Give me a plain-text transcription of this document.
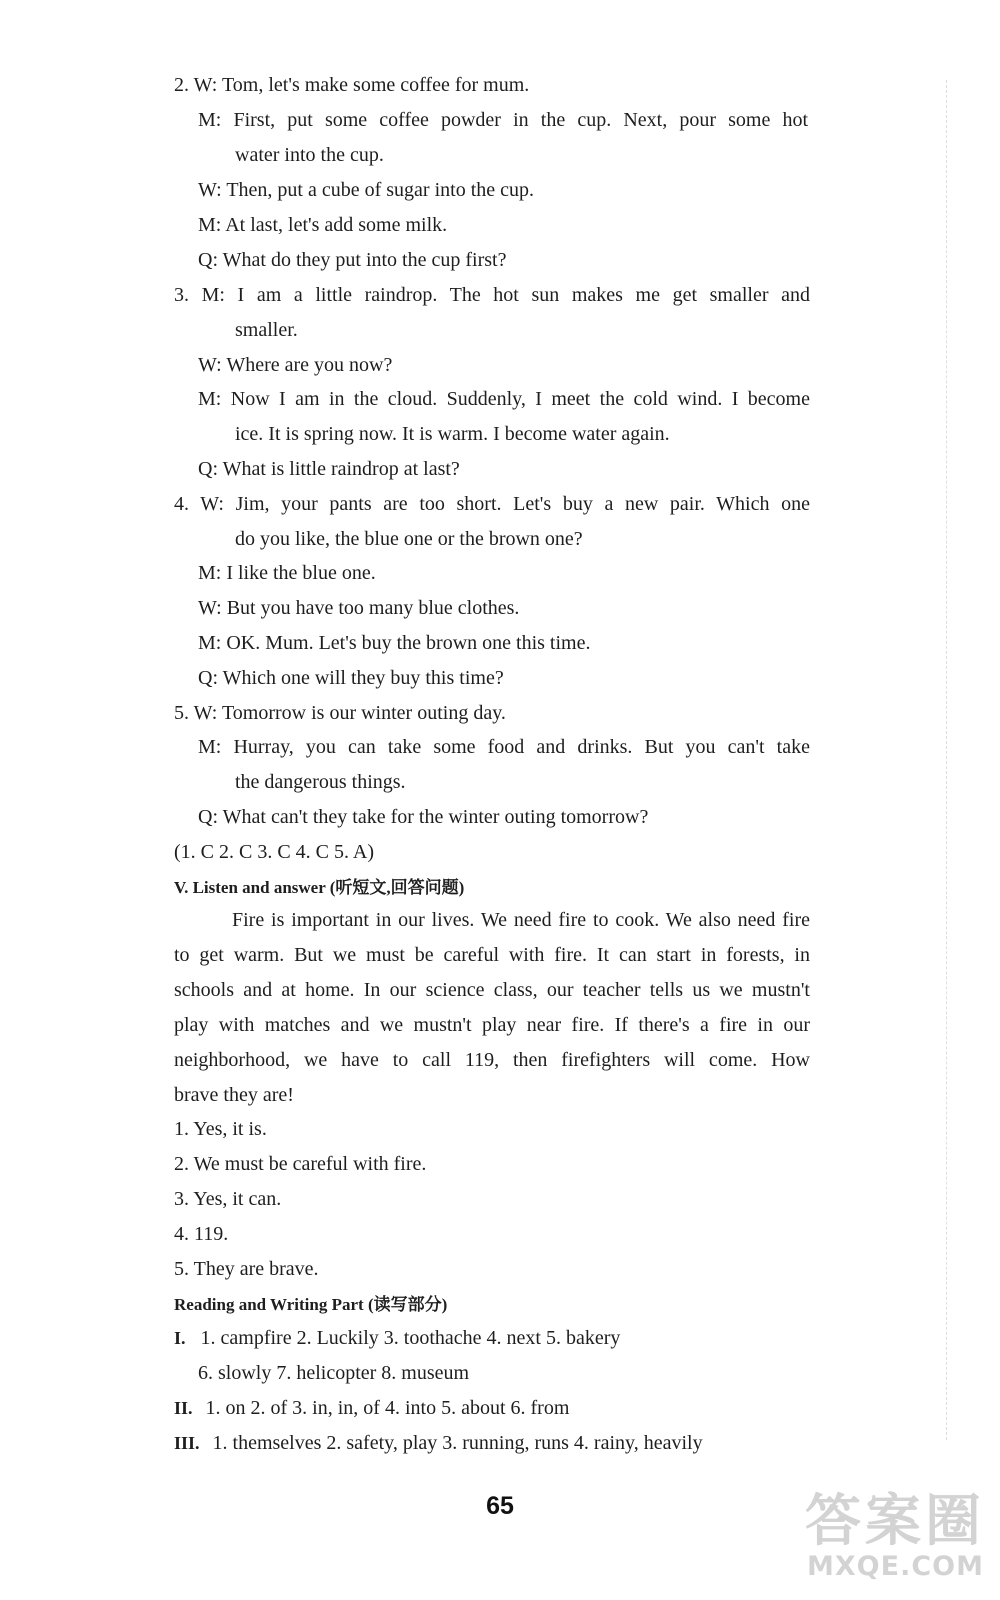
2. W: Tom, let's make some coffee for mum.
M: First, put some coffee powder in the cup. Next, pour some hot
water into the cup.
W: Then, put a cube of sugar into the cup.
M: At last, let's add some milk.
Q: What do they put into the cup first?
3. M: I am a little raindrop. The hot sun makes me get smaller and
smaller.
W: Where are you now?
M: Now I am in the cloud. Suddenly, I meet the cold wind. I become
ice. It is spring now. It is warm. I become water again.
Q: What is little raindrop at last?
4. W: Jim, your pants are too short. Let's buy a new pair. Which one
do you like, the blue one or the brown one?
M: I like the blue one.
W: But you have too many blue clothes.
M: OK. Mum. Let's buy the brown one this time.
Q: Which one will they buy this time?
5. W: Tomorrow is our winter outing day.
M: Hurray, you can take some food and drinks. But you can't take
the dangerous things.
Q: What can't they take for the winter outing tomorrow?
(1. C 2. C 3. C 4. C 5. A)
V. Listen and answer (听短文,回答问题)
Fire is important in our lives. We need fire to cook. We also need fire
to get warm. But we must be careful with fire. It can start in forests, in
schools and at home. In our science class, our teacher tells us we mustn't
play with matches and we mustn't play near fire. If there's a fire in our
neighborhood, we have to call 119, then firefighters will come. How
brave they are!
1. Yes, it is.
2. We must be careful with fire.
3. Yes, it can.
4. 119.
5. They are brave.
Reading and Writing Part (读写部分)
I. 1. campfire 2. Luckily 3. toothache 4. next 5. bakery
6. slowly 7. helicopter 8. museum
II. 1. on 2. of 3. in, in, of 4. into 5. about 6. from
III. 1. themselves 2. safety, play 3. running, runs 4. rainy, heavily
65	答案圈
MXQE.COM
